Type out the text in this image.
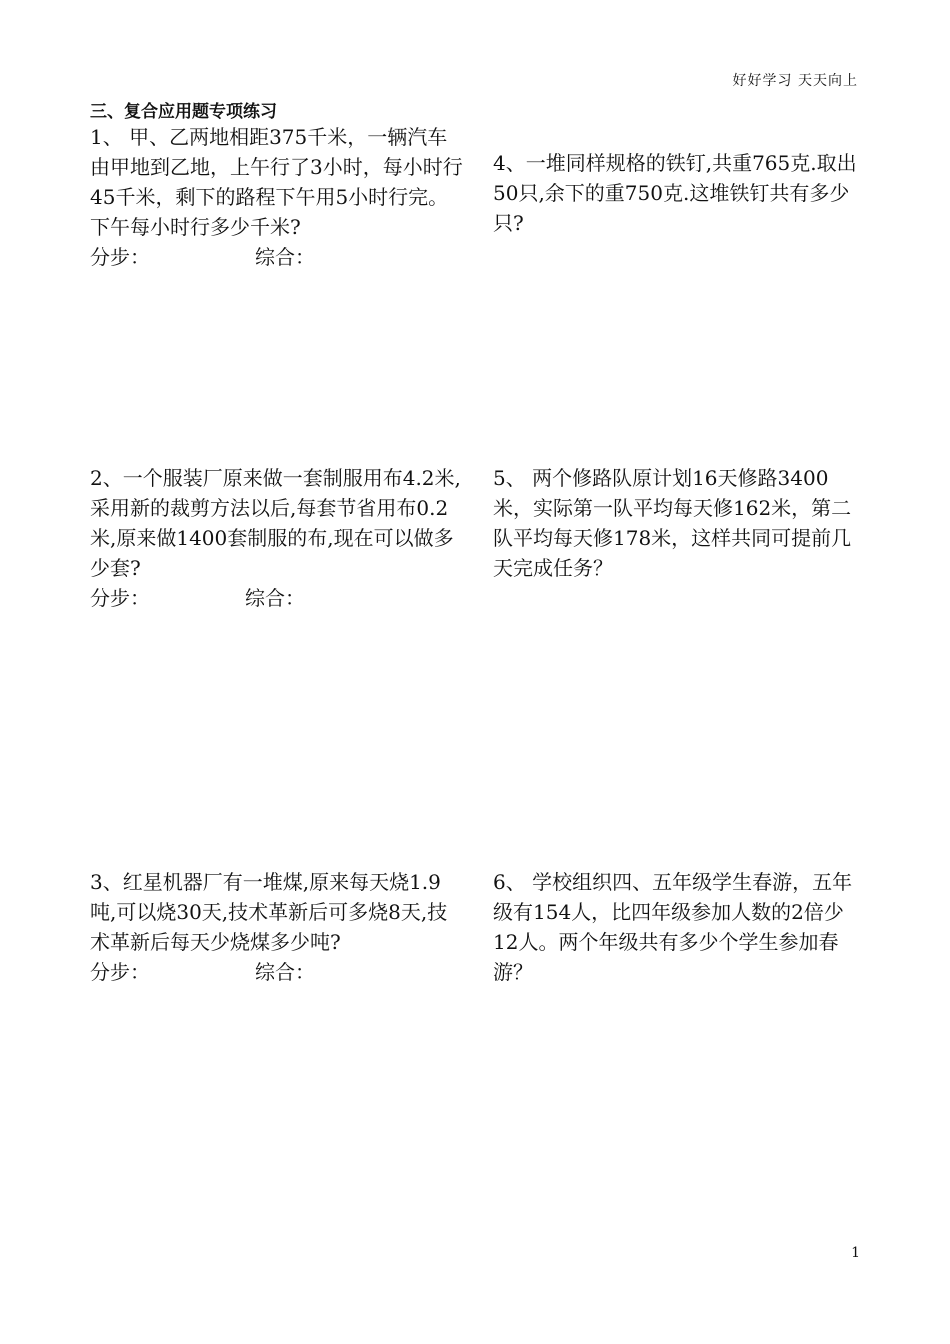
好好学习 天天向上
三、复合应用题专项练习

1、 甲、乙两地相距375千米，一辆汽车由甲地到乙地，上午行了3小时，每小时行45千米，剩下的路程下午用5小时行完。下午每小时行多少千米?

分步：	综合：

2、一个服装厂原来做一套制服用布4.2米,采用新的裁剪方法以后,每套节省用布0.2米,原来做1400套制服的布,现在可以做多少套?

分步：	综合：

3、红星机器厂有一堆煤,原来每天烧1.9吨,可以烧30天,技术革新后可多烧8天,技术革新后每天少烧煤多少吨?

分步：	综合：

4、一堆同样规格的铁钉,共重765克.取出50只,余下的重750克.这堆铁钉共有多少只?

5、 两个修路队原计划16天修路3400米，实际第一队平均每天修162米，第二队平均每天修178米，这样共同可提前几天完成任务？

6、 学校组织四、五年级学生春游，五年级有154人，比四年级参加人数的2倍少12人。两个年级共有多少个学生参加春游？

1
